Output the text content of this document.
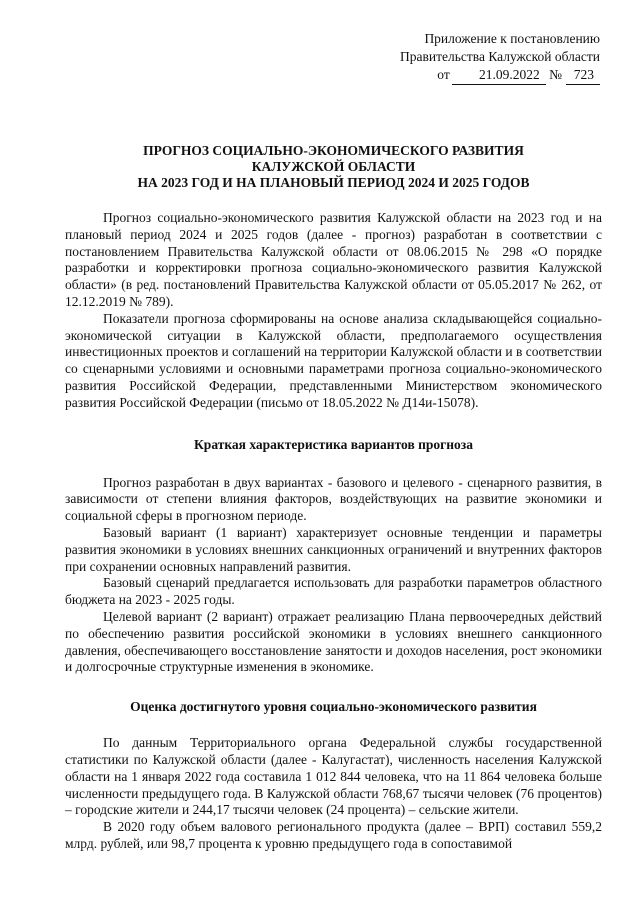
Приложение к постановлению
Правительства Калужской области
от 21.09.2022 № 723
ПРОГНОЗ СОЦИАЛЬНО-ЭКОНОМИЧЕСКОГО РАЗВИТИЯ
КАЛУЖСКОЙ ОБЛАСТИ
НА 2023 ГОД И НА ПЛАНОВЫЙ ПЕРИОД 2024 И 2025 ГОДОВ

Прогноз социально-экономического развития Калужской области на 2023 год и на плановый период 2024 и 2025 годов (далее - прогноз) разработан в соответствии с постановлением Правительства Калужской области от 08.06.2015 № 298 «О порядке разработки и корректировки прогноза социально-экономического развития Калужской области» (в ред. постановлений Правительства Калужской области от 05.05.2017 № 262, от 12.12.2019 № 789).

Показатели прогноза сформированы на основе анализа складывающейся социально-экономической ситуации в Калужской области, предполагаемого осуществления инвестиционных проектов и соглашений на территории Калужской области и в соответствии со сценарными условиями и основными параметрами прогноза социально-экономического развития Российской Федерации, представленными Министерством экономического развития Российской Федерации (письмо от 18.05.2022 № Д14и-15078).

Краткая характеристика вариантов прогноза

Прогноз разработан в двух вариантах - базового и целевого - сценарного развития, в зависимости от степени влияния факторов, воздействующих на развитие экономики и социальной сферы в прогнозном периоде.

Базовый вариант (1 вариант) характеризует основные тенденции и параметры развития экономики в условиях внешних санкционных ограничений и внутренних факторов при сохранении основных направлений развития.

Базовый сценарий предлагается использовать для разработки параметров областного бюджета на 2023 - 2025 годы.

Целевой вариант (2 вариант) отражает реализацию Плана первоочередных действий по обеспечению развития российской экономики в условиях внешнего санкционного давления, обеспечивающего восстановление занятости и доходов населения, рост экономики и долгосрочные структурные изменения в экономике.

Оценка достигнутого уровня социально-экономического развития

По данным Территориального органа Федеральной службы государственной статистики по Калужской области (далее - Калугастат), численность населения Калужской области на 1 января 2022 года составила 1 012 844 человека, что на 11 864 человека больше численности предыдущего года. В Калужской области 768,67 тысячи человек (76 процентов) – городские жители и 244,17 тысячи человек (24 процента) – сельские жители.

В 2020 году объем валового регионального продукта (далее – ВРП) составил 559,2 млрд. рублей, или 98,7 процента к уровню предыдущего года в сопоставимой
